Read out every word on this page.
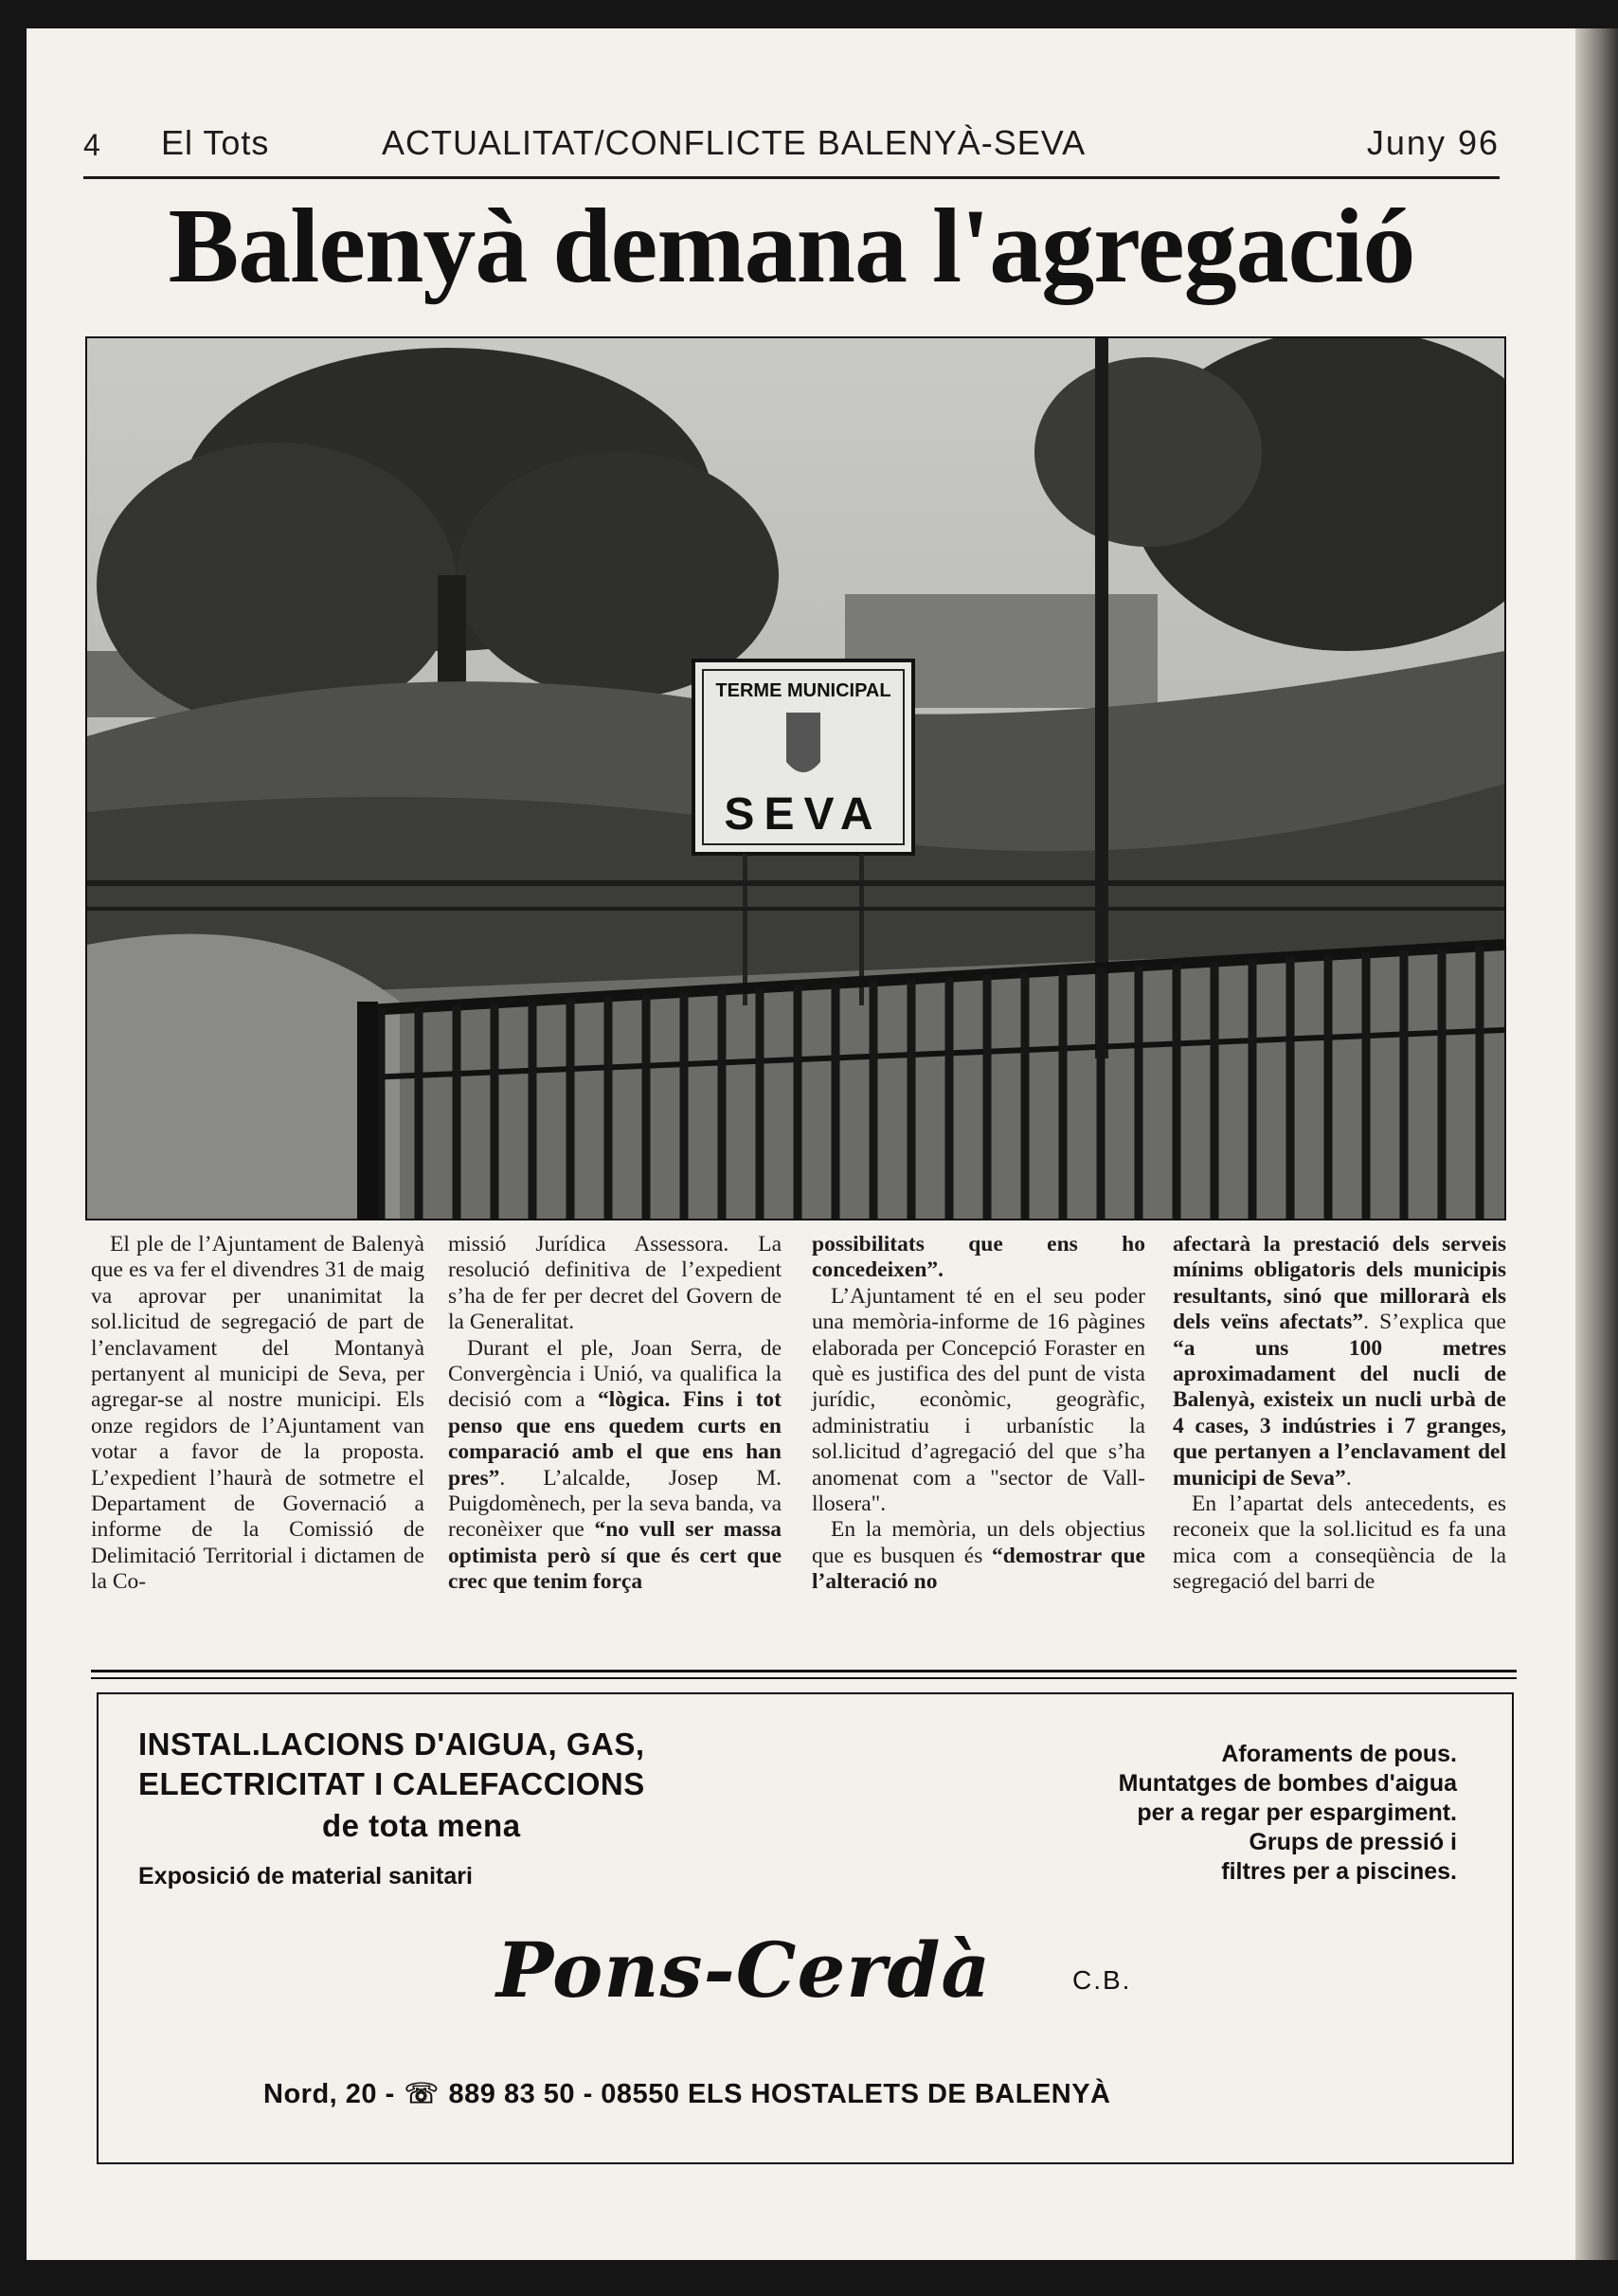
4 El Tots	ACTUALITAT/CONFLICTE BALENYÀ-SEVA	Juny 96
Balenyà demana l'agregació
TERME MUNICIPAL
SEVA

El ple de l’Ajuntament de Balenyà que es va fer el divendres 31 de maig va aprovar per unanimitat la sol.licitud de segregació de part de l’enclavament del Montanyà pertanyent al municipi de Seva, per agregar-se al nostre municipi. Els onze regidors de l’Ajuntament van votar a favor de la proposta. L’expedient l’haurà de sotmetre el Departament de Governació a informe de la Comissió de Delimitació Territorial i dictamen de la Co-

missió Jurídica Assessora. La resolució definitiva de l’expedient s’ha de fer per decret del Govern de la Generalitat.

Durant el ple, Joan Serra, de Convergència i Unió, va qualifica la decisió com a “lògica. Fins i tot penso que ens quedem curts en comparació amb el que ens han pres”. L’alcalde, Josep M. Puigdomènech, per la seva banda, va reconèixer que “no vull ser massa optimista però sí que és cert que crec que tenim força

possibilitats que ens ho concedeixen”.

L’Ajuntament té en el seu poder una memòria-informe de 16 pàgines elaborada per Concepció Foraster en què es justifica des del punt de vista jurídic, econòmic, geogràfic, administratiu i urbanístic la sol.licitud d’agregació del que s’ha anomenat com a "sector de Vall-llosera".

En la memòria, un dels objectius que es busquen és “demostrar que l’alteració no

afectarà la prestació dels serveis mínims obligatoris dels municipis resultants, sinó que millorarà els dels veïns afectats”. S’explica que “a uns 100 metres aproximadament del nucli de Balenyà, existeix un nucli urbà de 4 cases, 3 indústries i 7 granges, que pertanyen a l’enclavament del municipi de Seva”.

En l’apartat dels antecedents, es reconeix que la sol.licitud es fa una mica com a conseqüència de la segregació del barri de

INSTAL.LACIONS D'AIGUA, GAS,
ELECTRICITAT I CALEFACCIONS
de tota mena
Exposició de material sanitari
Aforaments de pous.
Muntatges de bombes d'aigua
per a regar per espargiment.
Grups de pressió i
filtres per a piscines.
Pons-Cerdà	C.B.
Nord, 20 - ☏ 889 83 50 - 08550 ELS HOSTALETS DE BALENYÀ
